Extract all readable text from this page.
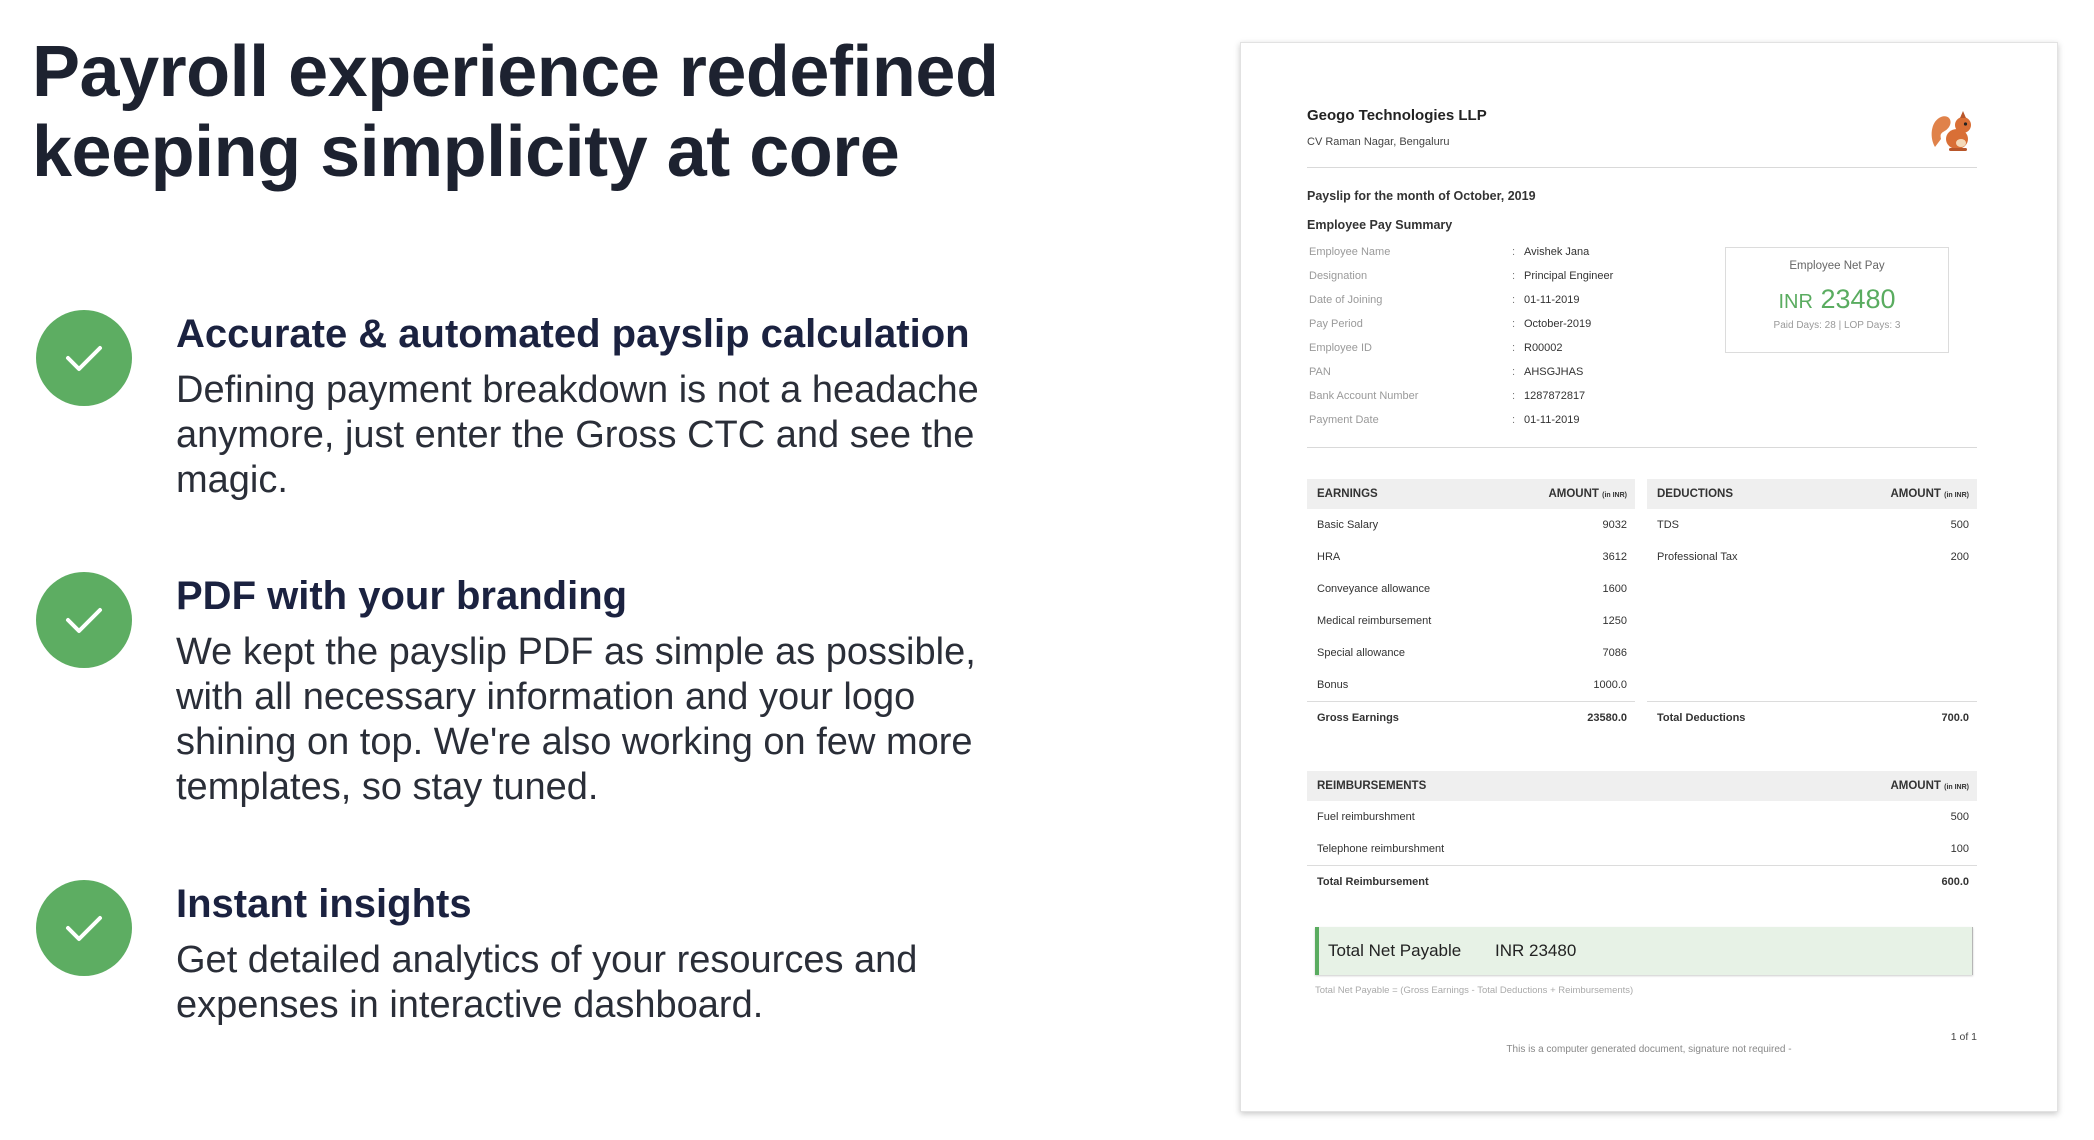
Payroll experience redefined
keeping simplicity at core
Accurate & automated payslip calculation

Defining payment breakdown is not a headache
anymore, just enter the Gross CTC and see the
magic.

PDF with your branding

We kept the payslip PDF as simple as possible,
with all necessary information and your logo
shining on top. We're also working on few more
templates, so stay tuned.

Instant insights

Get detailed analytics of your resources and
expenses in interactive dashboard.

Geogo Technologies LLP
CV Raman Nagar, Bengaluru
Payslip for the month of October, 2019
Employee Pay Summary
Employee Name	: Avishek Jana
Designation	: Principal Engineer
Date of Joining	: 01-11-2019
Pay Period	: October-2019
Employee ID	: R00002
PAN	: AHSGJHAS
Bank Account Number	: 1287872817
Payment Date	: 01-11-2019
Employee Net Pay
INR 23480
Paid Days: 28 | LOP Days: 3
EARNINGS	AMOUNT (in INR)
Basic Salary	9032
HRA	3612
Conveyance allowance	1600
Medical reimbursement	1250
Special allowance	7086
Bonus	1000.0
Gross Earnings	23580.0
DEDUCTIONS	AMOUNT (in INR)
TDS	500
Professional Tax	200
Total Deductions	700.0
REIMBURSEMENTS	AMOUNT (in INR)
Fuel reimburshment	500
Telephone reimburshment	100
Total Reimbursement	600.0
Total Net Payable INR 23480
Total Net Payable = (Gross Earnings - Total Deductions + Reimbursements)
1 of 1
This is a computer generated document, signature not required -
